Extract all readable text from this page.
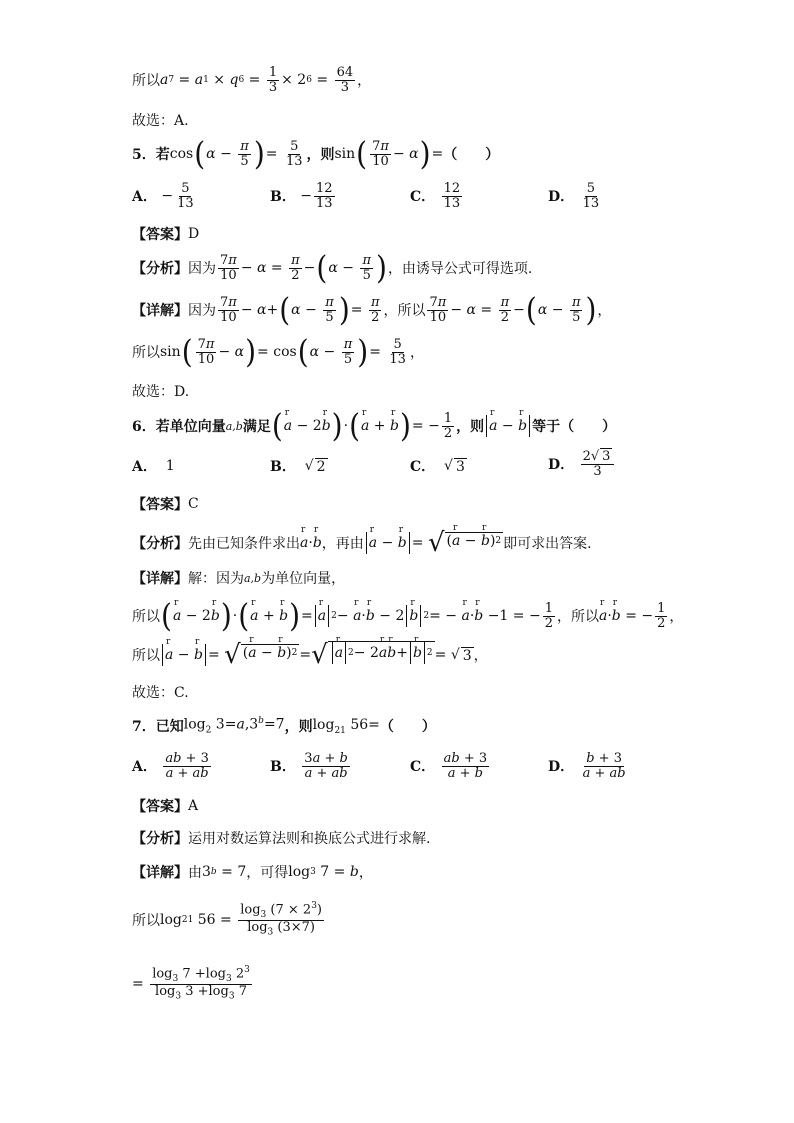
所以 a 7 = a 1 × q $6 = \frac{1}{3} \times 2$ $6 = \frac{64}{3}$ ，
故选：A.
5． 若 cos ( $\alpha - \frac{\pi}{5}$ ) = $\frac{5}{13}$ ，则 sin ( $\frac{7\pi}{10} - \alpha$ ) = （　　）
A． − $\frac{5}{13}$	B． − $\frac{12}{13}$	C．
$\frac{12}{13}$	D．
$\frac{5}{13}$
【答案】 D
【分析】 因为 $\frac{7\pi}{10} - \alpha = \frac{\pi}{2}$ − ( $\alpha - \frac{\pi}{5}$ ) ，由诱导公式可得选项.
【详解】 因为 $\frac{7\pi}{10} - \alpha$ + ( $\alpha - \frac{\pi}{5}$ ) = $\frac{\pi}{2}$ ，所以 $\frac{7\pi}{10} - \alpha = \frac{\pi}{2}$ − ( $\alpha - \frac{\pi}{5}$ ) ，
所以 sin ( $\frac{7\pi}{10} - \alpha$ ) = cos ( $\alpha - \frac{\pi}{5}$ ) = $\frac{5}{13}$ ，
故选：D.
6． 若单位向量 a,b 满足 ( r a − 2 r b ) · ( r a + r b ) = − $\frac{1}{2}$ ，则 r a − r b 等于（　　）
A．
1	B． √ 2	C． √ 3	D．
$\frac{2√ 3}{3}$
【答案】 C
【分析】 先由已知条件求出 r a · r b ，再由 r a − r b = √ ( r a − r b ) 2 即可求出答案.
【详解】 解：因为 a,b 为单位向量，
所以 ( r a − 2 r b ) · ( r a + r b ) = r a 2 − r a · r b − 2 r b 2 = − r a · r b −1 = − $\frac{1}{2}$ ，所以 r a · r b = − $\frac{1}{2}$ ，
所以 r a − r b = √ ( r a − r b ) 2 = √ r a 2 − 2 r a r b + r b 2 = √ 3 ，
故选：C.
7． 已知 $\log_2 3=a,3^b=7$ ，则 $\log_{21} 56=$ （　　）
A．
$\frac{ab + 3}{a + ab}$	B．
$\frac{3a + b}{a + ab}$	C．
$\frac{ab + 3}{a + b}$	D．
$\frac{b + 3}{a + ab}$
【答案】 A
【分析】 运用对数运算法则和换底公式进行求解.
【详解】 由 3 b = 7 ，可得 log 3 7 = b ，
所以 log 21 $56 = \frac{\log_3 (7 \times 2^3)}{\log_3 (3\times 7)}$
= $\frac{\log_3 7 +\log_3 2^3}{\log_3 3 +\log_3 7}$
